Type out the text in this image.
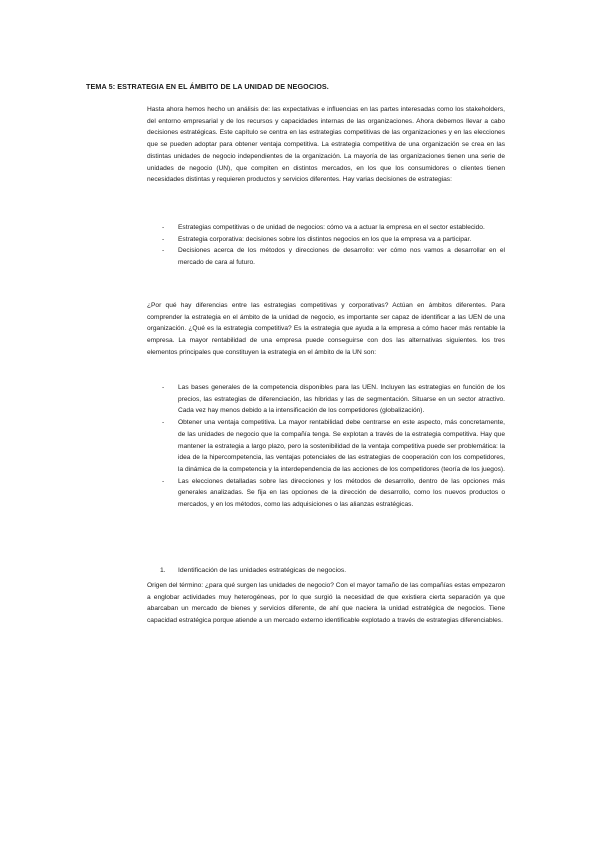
TEMA 5: ESTRATEGIA EN EL ÁMBITO DE LA UNIDAD DE NEGOCIOS.

Hasta ahora hemos hecho un análisis de: las expectativas e influencias en las partes interesadas como los stakeholders, del entorno empresarial y de los recursos y capacidades internas de las organizaciones. Ahora debemos llevar a cabo decisiones estratégicas. Este capítulo se centra en las estrategias competitivas de las organizaciones y en las elecciones que se pueden adoptar para obtener ventaja competitiva. La estrategia competitiva de una organización se crea en las distintas unidades de negocio independientes de la organización. La mayoría de las organizaciones tienen una serie de unidades de negocio (UN), que compiten en distintos mercados, en los que los consumidores o clientes tienen necesidades distintas y requieren productos y servicios diferentes. Hay varias decisiones de estrategias:

- Estrategias competitivas o de unidad de negocios: cómo va a actuar la empresa en el sector establecido.
- Estrategia corporativa: decisiones sobre los distintos negocios en los que la empresa va a participar.
- Decisiones acerca de los métodos y direcciones de desarrollo: ver cómo nos vamos a desarrollar en el mercado de cara al futuro.

¿Por qué hay diferencias entre las estrategias competitivas y corporativas? Actúan en ámbitos diferentes. Para comprender la estrategia en el ámbito de la unidad de negocio, es importante ser capaz de identificar a las UEN de una organización. ¿Qué es la estrategia competitiva? Es la estrategia que ayuda a la empresa a cómo hacer más rentable la empresa. La mayor rentabilidad de una empresa puede conseguirse con dos las alternativas siguientes. los tres elementos principales que constituyen la estrategia en el ámbito de la UN son:

- Las bases generales de la competencia disponibles para las UEN. Incluyen las estrategias en función de los precios, las estrategias de diferenciación, las híbridas y las de segmentación. Situarse en un sector atractivo. Cada vez hay menos debido a la intensificación de los competidores (globalización).
- Obtener una ventaja competitiva. La mayor rentabilidad debe centrarse en este aspecto, más concretamente, de las unidades de negocio que la compañía tenga. Se explotan a través de la estrategia competitiva. Hay que mantener la estrategia a largo plazo, pero la sostenibilidad de la ventaja competitiva puede ser problemática: la idea de la hipercompetencia, las ventajas potenciales de las estrategias de cooperación con los competidores, la dinámica de la competencia y la interdependencia de las acciones de los competidores (teoría de los juegos).
- Las elecciones detalladas sobre las direcciones y los métodos de desarrollo, dentro de las opciones más generales analizadas. Se fija en las opciones de la dirección de desarrollo, como los nuevos productos o mercados, y en los métodos, como las adquisiciones o las alianzas estratégicas.
1. Identificación de las unidades estratégicas de negocios.

Origen del término: ¿para qué surgen las unidades de negocio? Con el mayor tamaño de las compañías estas empezaron a englobar actividades muy heterogéneas, por lo que surgió la necesidad de que existiera cierta separación ya que abarcaban un mercado de bienes y servicios diferente, de ahí que naciera la unidad estratégica de negocios. Tiene capacidad estratégica porque atiende a un mercado externo identificable explotado a través de estrategias diferenciables.
